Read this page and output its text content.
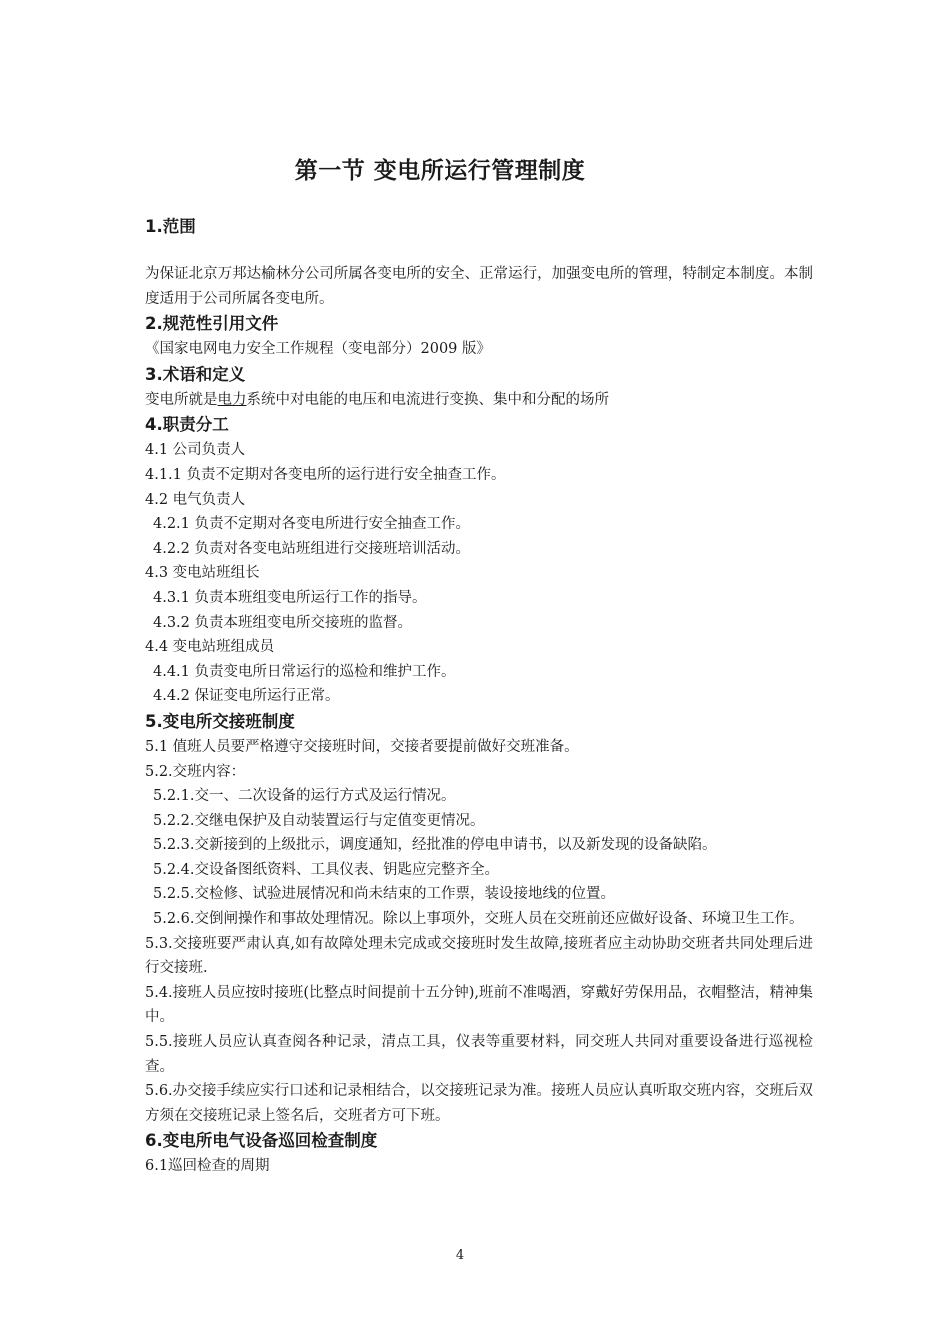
第一节 变电所运行管理制度
1.范围

为保证北京万邦达榆林分公司所属各变电所的安全、正常运行，加强变电所的管理，特制定本制度。本制度适用于公司所属各变电所。

2.规范性引用文件

《国家电网电力安全工作规程（变电部分）2009 版》

3.术语和定义

变电所就是电力系统中对电能的电压和电流进行变换、集中和分配的场所

4.职责分工

4.1 公司负责人

4.1.1 负责不定期对各变电所的运行进行安全抽查工作。

4.2 电气负责人

4.2.1 负责不定期对各变电所进行安全抽查工作。

4.2.2 负责对各变电站班组进行交接班培训活动。

4.3 变电站班组长

4.3.1 负责本班组变电所运行工作的指导。

4.3.2 负责本班组变电所交接班的监督。

4.4 变电站班组成员

4.4.1 负责变电所日常运行的巡检和维护工作。

4.4.2 保证变电所运行正常。

5.变电所交接班制度

5.1 值班人员要严格遵守交接班时间，交接者要提前做好交班准备。

5.2.交班内容：

5.2.1.交一、二次设备的运行方式及运行情况。

5.2.2.交继电保护及自动装置运行与定值变更情况。

5.2.3.交新接到的上级批示，调度通知，经批准的停电申请书，以及新发现的设备缺陷。

5.2.4.交设备图纸资料、工具仪表、钥匙应完整齐全。

5.2.5.交检修、试验进展情况和尚未结束的工作票，装设接地线的位置。

5.2.6.交倒闸操作和事故处理情况。除以上事项外，交班人员在交班前还应做好设备、环境卫生工作。

5.3.交接班要严肃认真,如有故障处理未完成或交接班时发生故障,接班者应主动协助交班者共同处理后进行交接班.

5.4.接班人员应按时接班(比整点时间提前十五分钟),班前不准喝酒，穿戴好劳保用品，衣帽整洁，精神集中。

5.5.接班人员应认真查阅各种记录，清点工具，仪表等重要材料，同交班人共同对重要设备进行巡视检查。

5.6.办交接手续应实行口述和记录相结合，以交接班记录为准。接班人员应认真听取交班内容，交班后双方须在交接班记录上签名后，交班者方可下班。

6.变电所电气设备巡回检查制度

6.1巡回检查的周期

4
